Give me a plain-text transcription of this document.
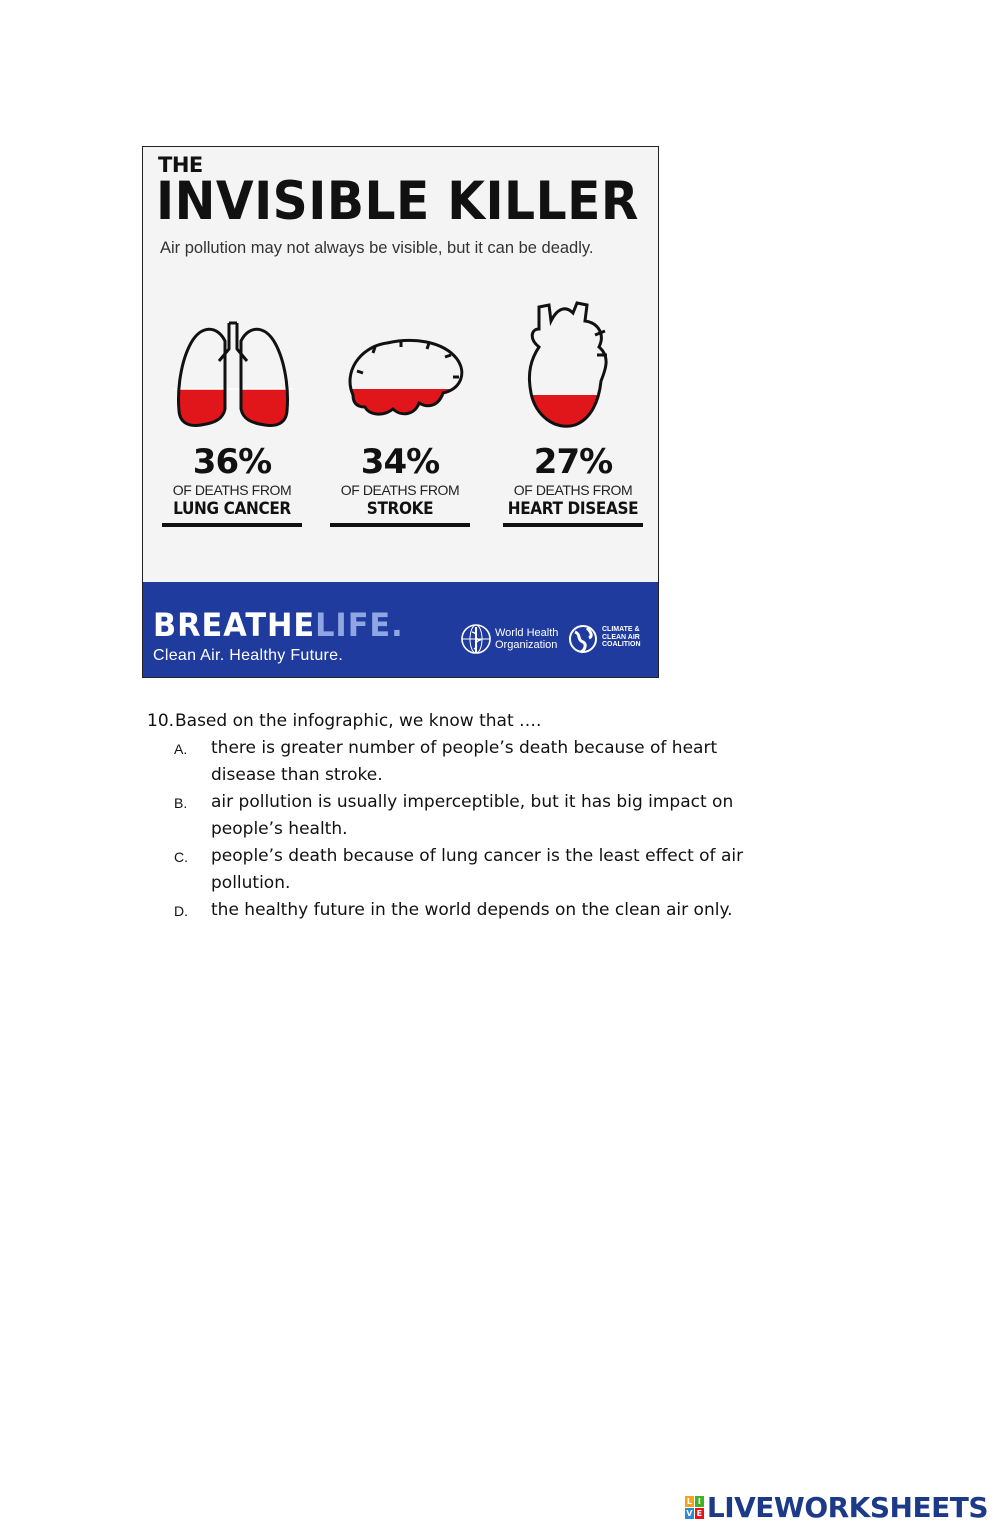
THE
INVISIBLE KILLER
Air pollution may not always be visible, but it can be deadly.
36%
OF DEATHS FROM
LUNG CANCER
34%
OF DEATHS FROM
STROKE
27%
OF DEATHS FROM
HEART DISEASE
BREATHELIFE.
Clean Air. Healthy Future.
World Health Organization
CLIMATE & CLEAN AIR COALITION
10. Based on the infographic, we know that ….
A.	there is greater number of people’s death because of heart disease than stroke.
B.	air pollution is usually imperceptible, but it has big impact on people’s health.
C.	people’s death because of lung cancer is the least effect of air pollution.
D.	the healthy future in the world depends on the clean air only.
L I
V E LIVEWORKSHEETS
